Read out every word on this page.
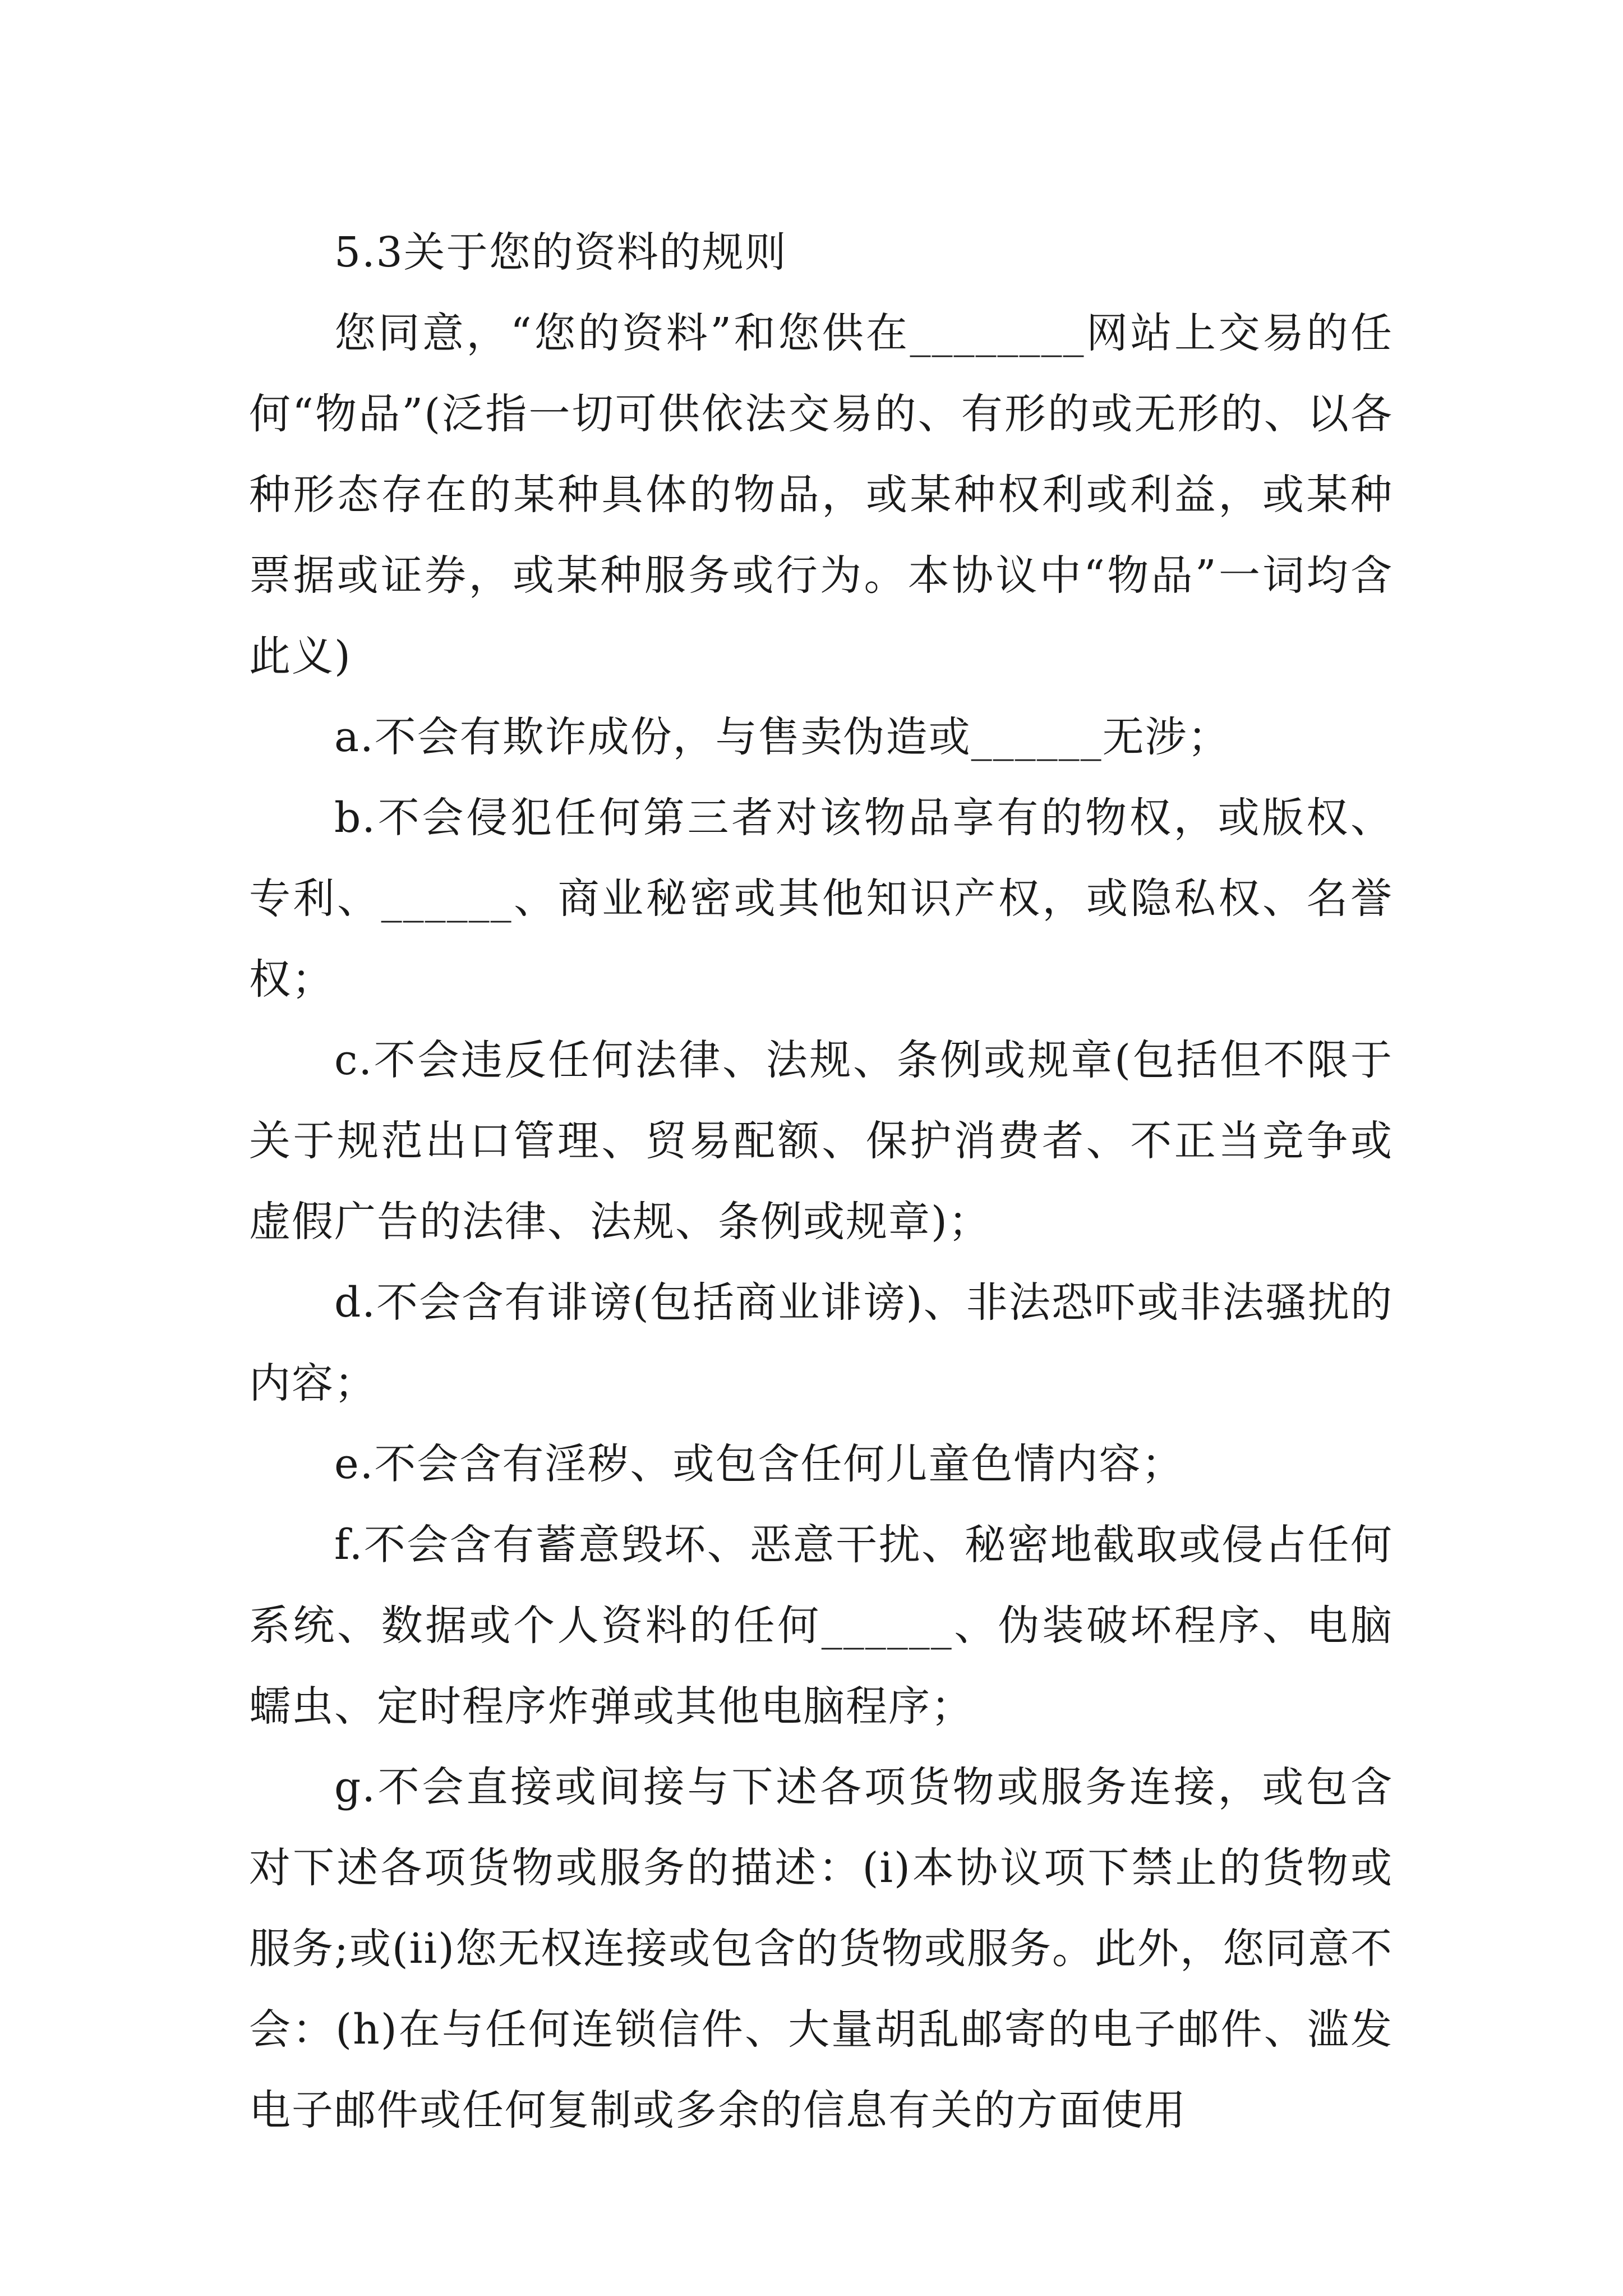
5.3关于您的资料的规则

您同意，“您的资料”和您供在________网站上交易的任何“物品”(泛指一切可供依法交易的、有形的或无形的、以各种形态存在的某种具体的物品，或某种权利或利益，或某种票据或证券，或某种服务或行为。本协议中“物品”一词均含此义)

a.不会有欺诈成份，与售卖伪造或______无涉；

b.不会侵犯任何第三者对该物品享有的物权，或版权、专利、______、商业秘密或其他知识产权，或隐私权、名誉权；

c.不会违反任何法律、法规、条例或规章(包括但不限于关于规范出口管理、贸易配额、保护消费者、不正当竞争或虚假广告的法律、法规、条例或规章)；

d.不会含有诽谤(包括商业诽谤)、非法恐吓或非法骚扰的内容；

e.不会含有淫秽、或包含任何儿童色情内容；

f.不会含有蓄意毁坏、恶意干扰、秘密地截取或侵占任何系统、数据或个人资料的任何______、伪装破坏程序、电脑蠕虫、定时程序炸弹或其他电脑程序；

g.不会直接或间接与下述各项货物或服务连接，或包含对下述各项货物或服务的描述：(i)本协议项下禁止的货物或服务;或(ii)您无权连接或包含的货物或服务。此外，您同意不会：(h)在与任何连锁信件、大量胡乱邮寄的电子邮件、滥发电子邮件或任何复制或多余的信息有关的方面使用
